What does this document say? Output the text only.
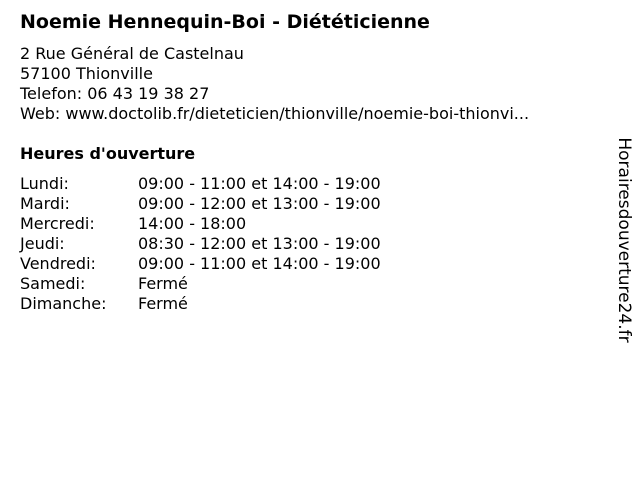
Noemie Hennequin-Boi - Diététicienne
2 Rue Général de Castelnau
57100 Thionville
Telefon: 06 43 19 38 27
Web: www.doctolib.fr/dieteticien/thionville/noemie-boi-thionvi...
Heures d'ouverture
Lundi:	09:00 - 11:00 et 14:00 - 19:00
Mardi:	09:00 - 12:00 et 13:00 - 19:00
Mercredi:	14:00 - 18:00
Jeudi:	08:30 - 12:00 et 13:00 - 19:00
Vendredi:	09:00 - 11:00 et 14:00 - 19:00
Samedi:	Fermé
Dimanche:	Fermé	Horairesdouverture24.fr
